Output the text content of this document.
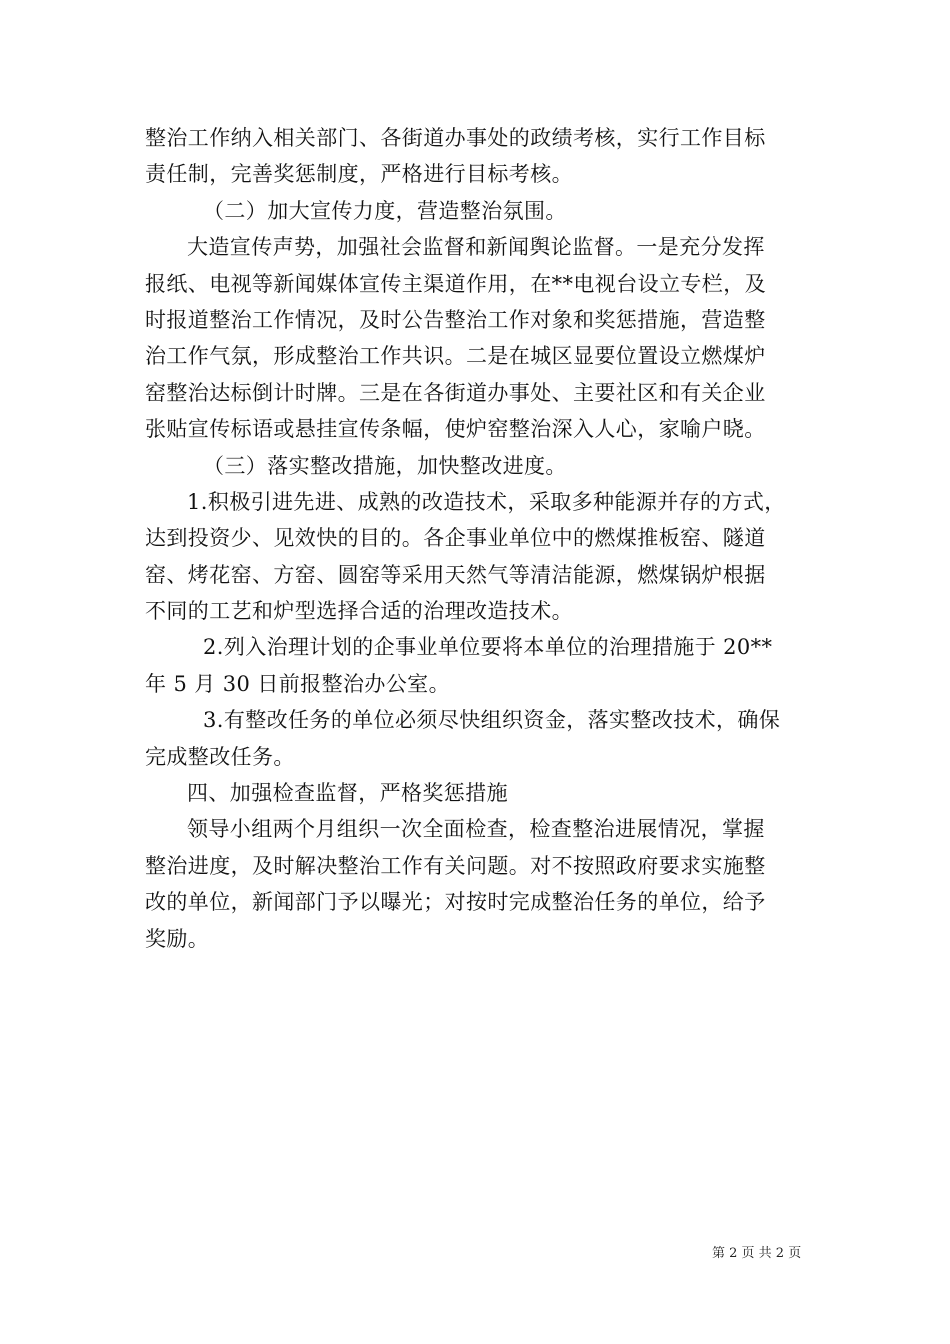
整治工作纳入相关部门、各街道办事处的政绩考核，实行工作目标
责任制，完善奖惩制度，严格进行目标考核。
（二）加大宣传力度，营造整治氛围。
大造宣传声势，加强社会监督和新闻舆论监督。一是充分发挥
报纸、电视等新闻媒体宣传主渠道作用，在**电视台设立专栏，及
时报道整治工作情况，及时公告整治工作对象和奖惩措施，营造整
治工作气氛，形成整治工作共识。二是在城区显要位置设立燃煤炉
窑整治达标倒计时牌。三是在各街道办事处、主要社区和有关企业
张贴宣传标语或悬挂宣传条幅，使炉窑整治深入人心，家喻户晓。
（三）落实整改措施，加快整改进度。
1.积极引进先进、成熟的改造技术，采取多种能源并存的方式，
达到投资少、见效快的目的。各企事业单位中的燃煤推板窑、隧道
窑、烤花窑、方窑、圆窑等采用天然气等清洁能源，燃煤锅炉根据
不同的工艺和炉型选择合适的治理改造技术。
2.列入治理计划的企事业单位要将本单位的治理措施于 20**
年 5 月 30 日前报整治办公室。
3.有整改任务的单位必须尽快组织资金，落实整改技术，确保
完成整改任务。
四、加强检查监督，严格奖惩措施
领导小组两个月组织一次全面检查，检查整治进展情况，掌握
整治进度，及时解决整治工作有关问题。对不按照政府要求实施整
改的单位，新闻部门予以曝光；对按时完成整治任务的单位，给予
奖励。
第 2 页 共 2 页
